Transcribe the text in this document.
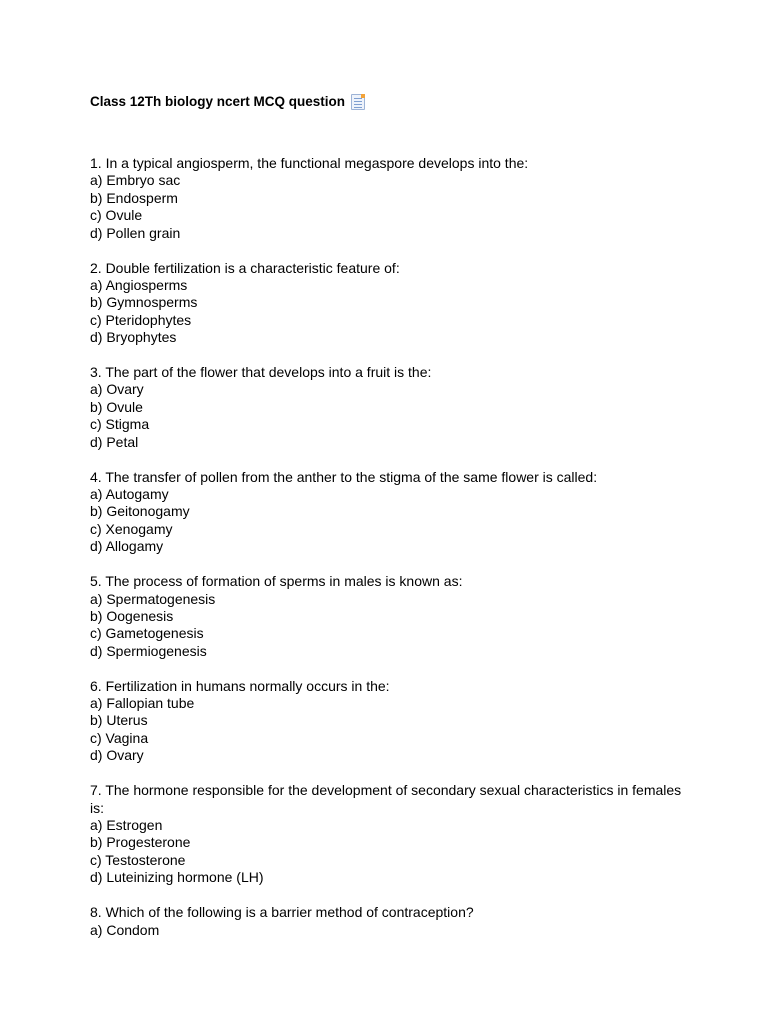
Class 12Th biology ncert MCQ question

1. In a typical angiosperm, the functional megaspore develops into the:

a) Embryo sac

b) Endosperm

c) Ovule

d) Pollen grain

2. Double fertilization is a characteristic feature of:

a) Angiosperms

b) Gymnosperms

c) Pteridophytes

d) Bryophytes

3. The part of the flower that develops into a fruit is the:

a) Ovary

b) Ovule

c) Stigma

d) Petal

4. The transfer of pollen from the anther to the stigma of the same flower is called:

a) Autogamy

b) Geitonogamy

c) Xenogamy

d) Allogamy

5. The process of formation of sperms in males is known as:

a) Spermatogenesis

b) Oogenesis

c) Gametogenesis

d) Spermiogenesis

6. Fertilization in humans normally occurs in the:

a) Fallopian tube

b) Uterus

c) Vagina

d) Ovary

7. The hormone responsible for the development of secondary sexual characteristics in females is:

a) Estrogen

b) Progesterone

c) Testosterone

d) Luteinizing hormone (LH)

8. Which of the following is a barrier method of contraception?

a) Condom
